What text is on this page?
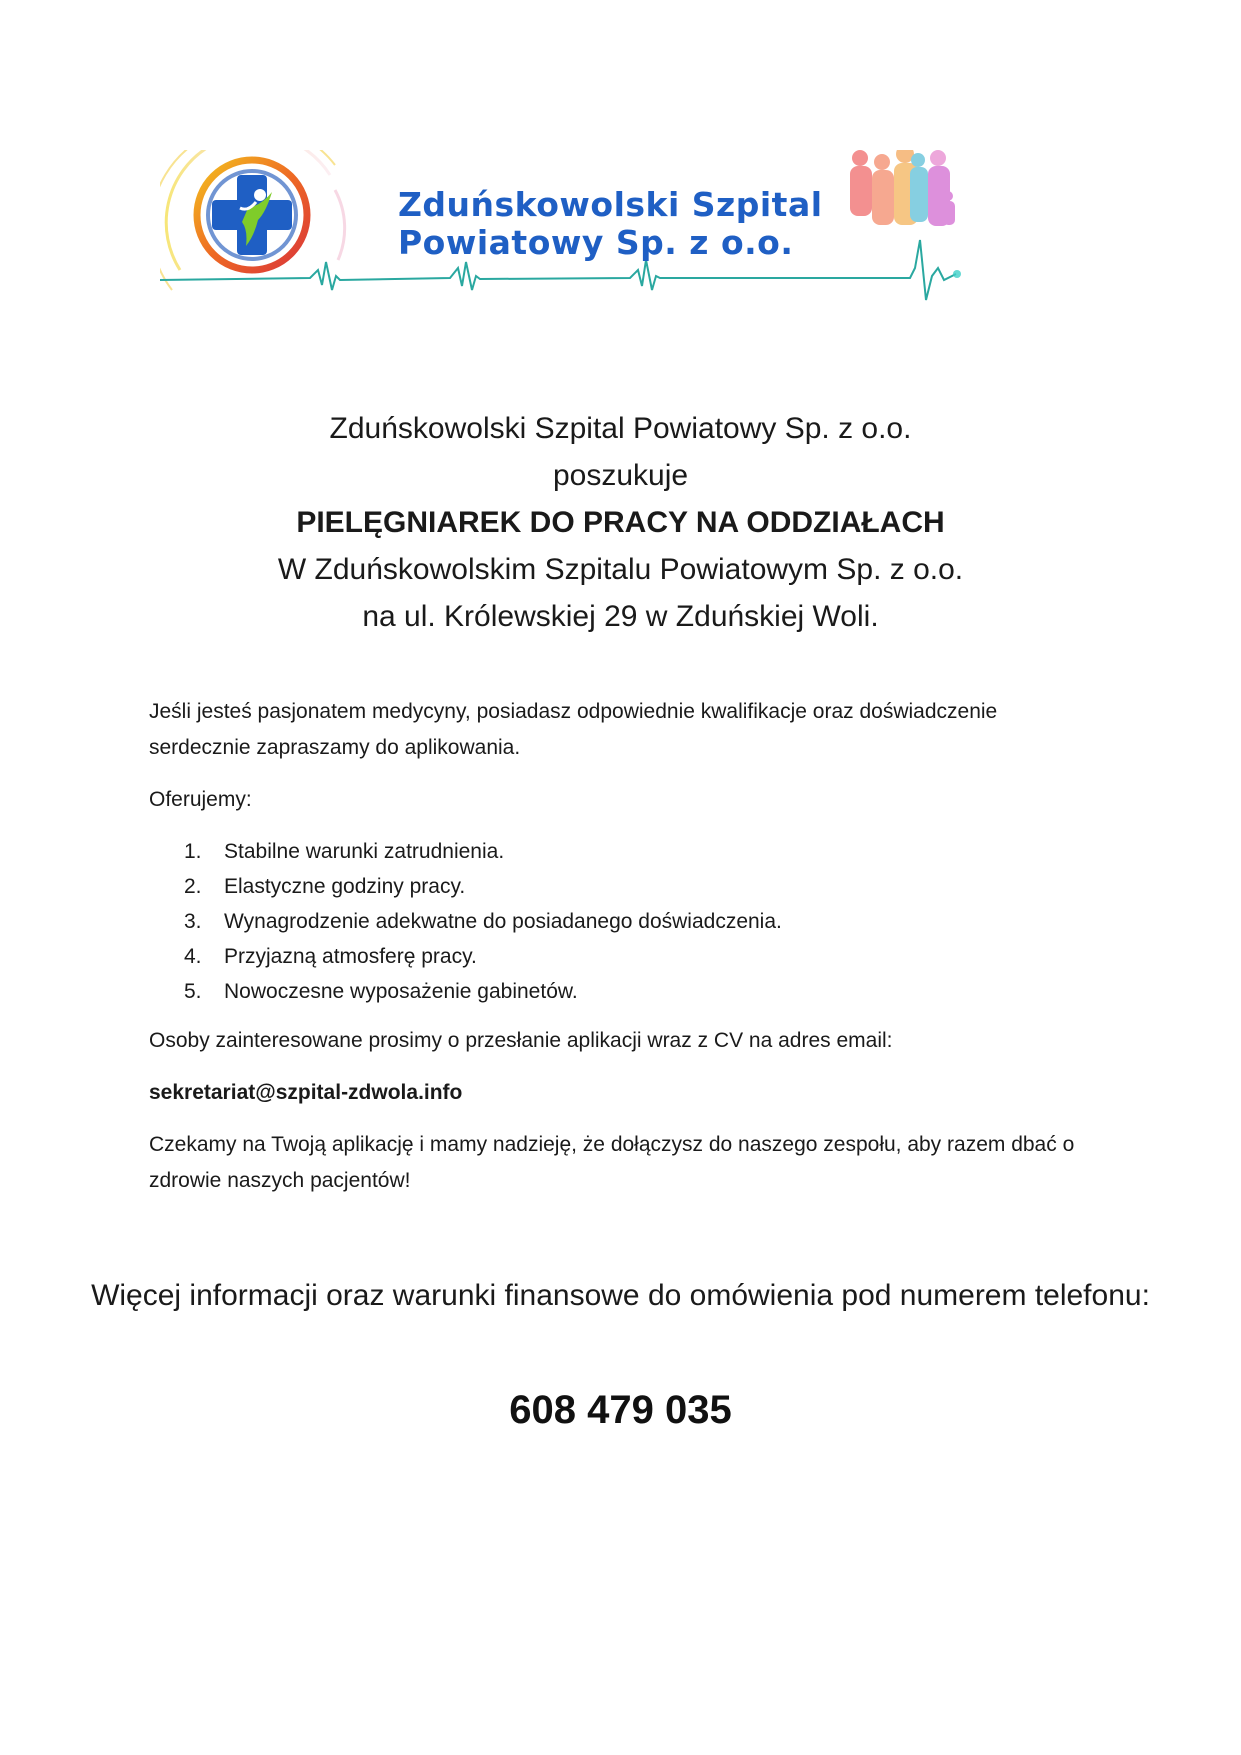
Zduńskowolski Szpital
Powiatowy Sp. z o.o.
Zduńskowolski Szpital Powiatowy Sp. z o.o.
poszukuje
PIELĘGNIAREK DO PRACY NA ODDZIAŁACH
W Zduńskowolskim Szpitalu Powiatowym Sp. z o.o.
na ul. Królewskiej 29 w Zduńskiej Woli.

Jeśli jesteś pasjonatem medycyny, posiadasz odpowiednie kwalifikacje oraz doświadczenie serdecznie zapraszamy do aplikowania.

Oferujemy:

1. Stabilne warunki zatrudnienia.
2. Elastyczne godziny pracy.
3. Wynagrodzenie adekwatne do posiadanego doświadczenia.
4. Przyjazną atmosferę pracy.
5. Nowoczesne wyposażenie gabinetów.

Osoby zainteresowane prosimy o przesłanie aplikacji wraz z CV na adres email:

sekretariat@szpital-zdwola.info

Czekamy na Twoją aplikację i mamy nadzieję, że dołączysz do naszego zespołu, aby razem dbać o zdrowie naszych pacjentów!

Więcej informacji oraz warunki finansowe do omówienia pod numerem telefonu:
608 479 035
